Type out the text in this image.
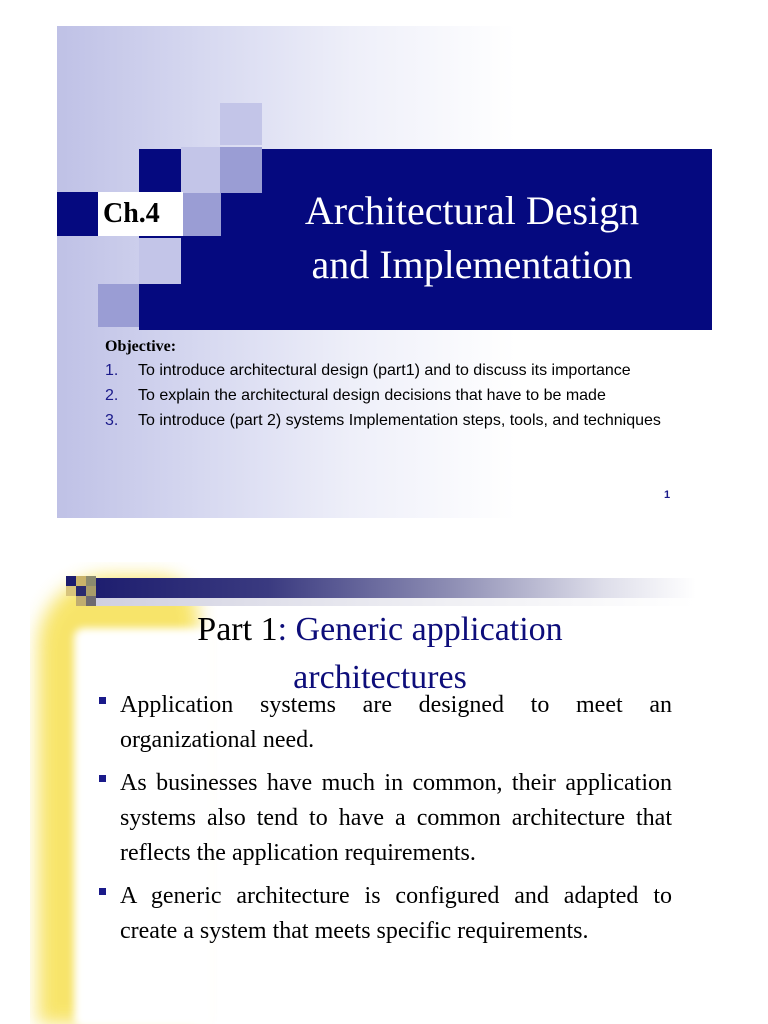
Ch.4	Architectural Design
and Implementation
Objective:
1.	To introduce architectural design (part1) and to discuss its importance
2.	To explain the architectural design decisions that have to be made
3.	To introduce (part 2) systems Implementation steps, tools, and techniques
1
Part 1: Generic application
architectures
Application systems are designed to meet an organizational need.
As businesses have much in common, their application systems also tend to have a common architecture that reflects the application requirements.
A generic architecture is configured and adapted to create a system that meets specific requirements.
